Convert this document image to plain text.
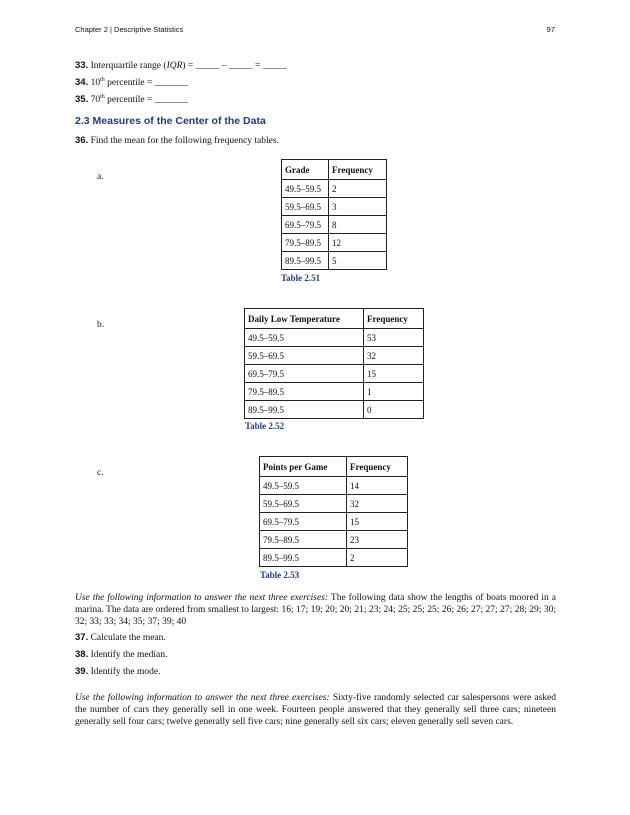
Chapter 2 | Descriptive Statistics	97
33. Interquartile range (IQR) = _____ – _____ = _____
34. 10th percentile = _______
35. 70th percentile = _______
2.3 Measures of the Center of the Data
36. Find the mean for the following frequency tables.
a.
Grade	Frequency
49.5–59.5	2
59.5–69.5	3
69.5–79.5	8
79.5–89.5	12
89.5–99.5	5
Table 2.51
b.
Daily Low Temperature	Frequency
49.5–59.5	53
59.5–69.5	32
69.5–79.5	15
79.5–89.5	1
89.5–99.5	0
Table 2.52
c.
Points per Game	Frequency
49.5–59.5	14
59.5–69.5	32
69.5–79.5	15
79.5–89.5	23
89.5–99.5	2
Table 2.53
Use the following information to answer the next three exercises: The following data show the lengths of boats moored in a marina. The data are ordered from smallest to largest: 16; 17; 19; 20; 20; 21; 23; 24; 25; 25; 25; 26; 26; 27; 27; 27; 28; 29; 30; 32; 33; 33; 34; 35; 37; 39; 40
37. Calculate the mean.
38. Identify the median.
39. Identify the mode.
Use the following information to answer the next three exercises: Sixty-five randomly selected car salespersons were asked the number of cars they generally sell in one week. Fourteen people answered that they generally sell three cars; nineteen generally sell four cars; twelve generally sell five cars; nine generally sell six cars; eleven generally sell seven cars.
